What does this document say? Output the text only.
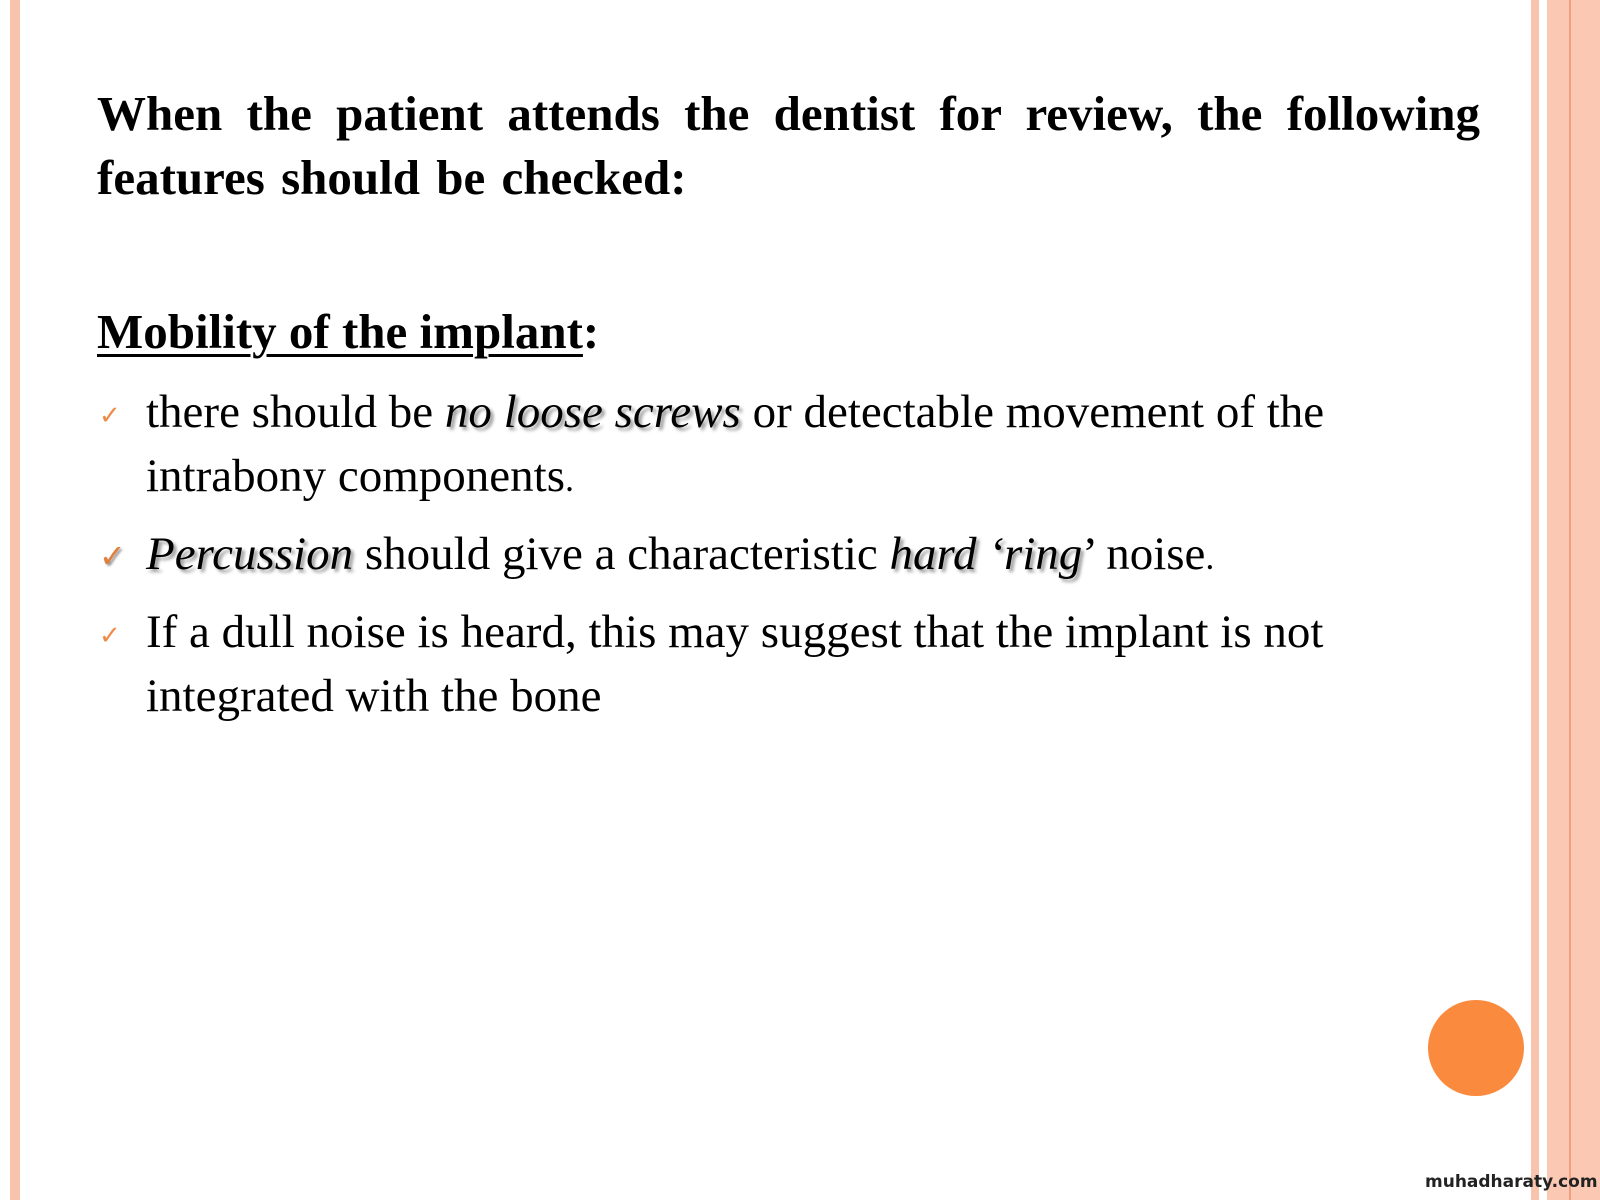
When the patient attends the dentist for review, the following features should be checked:

Mobility of the implant:

✓ there should be no loose screws or detectable movement of the intrabony components.
✓ Percussion should give a characteristic hard ‘ring’ noise.
✓ If a dull noise is heard, this may suggest that the implant is not integrated with the bone
muhadharaty.com
